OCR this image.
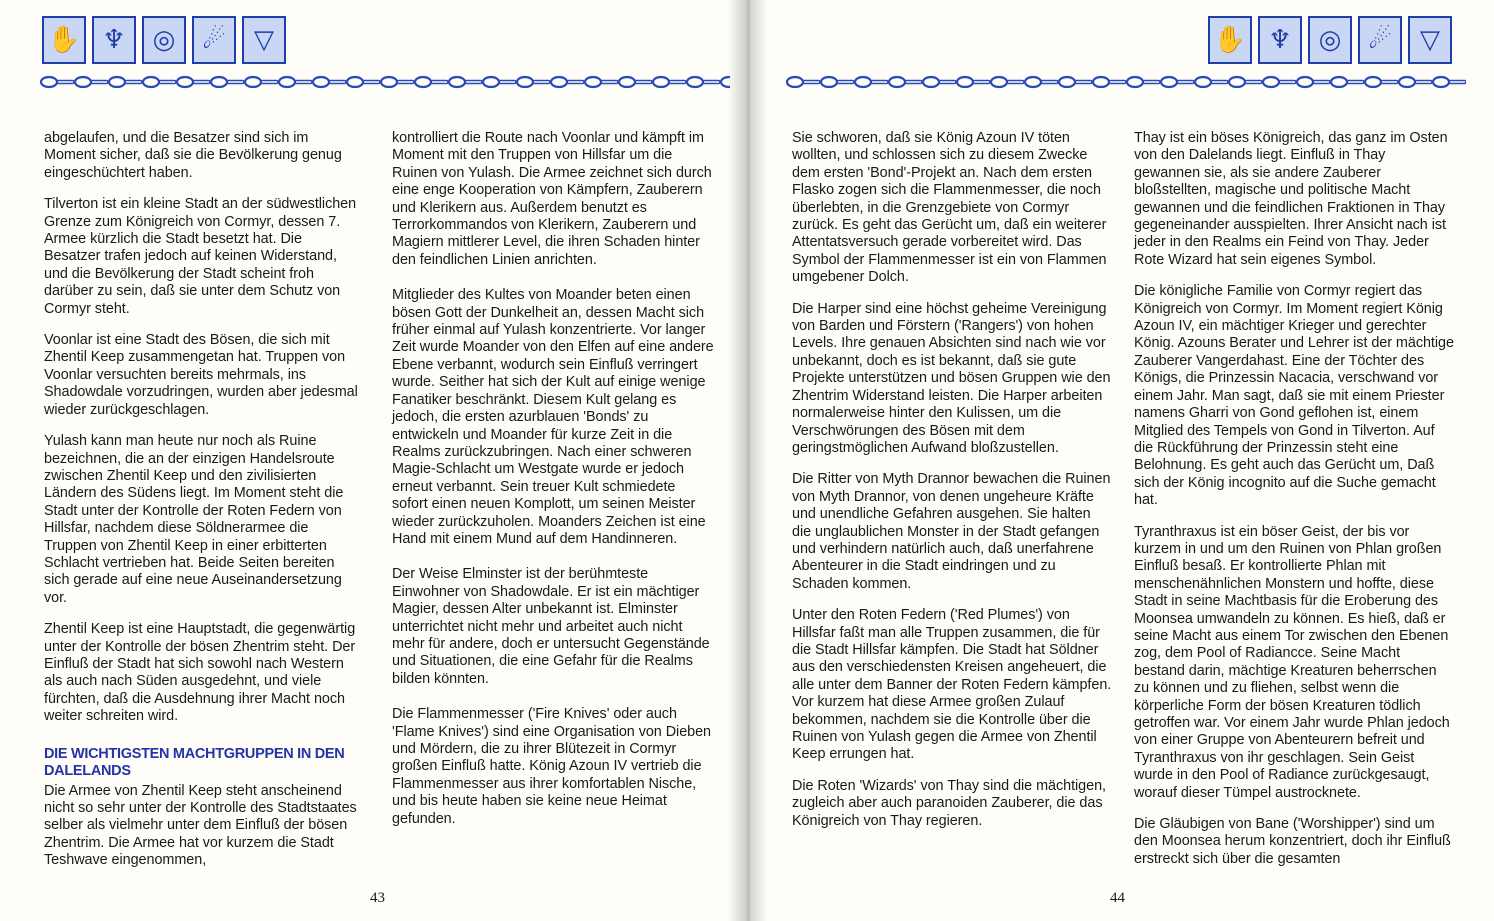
✋ ♆	◎	☄	▽

abgelaufen, und die Besatzer sind sich im Moment sicher, daß sie die Bevölkerung genug eingeschüchtert haben.

Tilverton ist ein kleine Stadt an der südwestlichen Grenze zum Königreich von Cormyr, dessen 7. Armee kürzlich die Stadt besetzt hat. Die Besatzer trafen jedoch auf keinen Widerstand, und die Bevölkerung der Stadt scheint froh darüber zu sein, daß sie unter dem Schutz von Cormyr steht.

Voonlar ist eine Stadt des Bösen, die sich mit Zhentil Keep zusammengetan hat. Truppen von Voonlar versuchten bereits mehrmals, ins Shadowdale vorzudringen, wurden aber jedesmal wieder zurückgeschlagen.

Yulash kann man heute nur noch als Ruine bezeichnen, die an der einzigen Handelsroute zwischen Zhentil Keep und den zivilisierten Ländern des Südens liegt. Im Moment steht die Stadt unter der Kontrolle der Roten Federn von Hillsfar, nachdem diese Söldnerarmee die Truppen von Zhentil Keep in einer erbitterten Schlacht vertrieben hat. Beide Seiten bereiten sich gerade auf eine neue Auseinandersetzung vor.

Zhentil Keep ist eine Hauptstadt, die gegenwärtig unter der Kontrolle der bösen Zhentrim steht. Der Einfluß der Stadt hat sich sowohl nach Western als auch nach Süden ausgedehnt, und viele fürchten, daß die Ausdehnung ihrer Macht noch weiter schreiten wird.

DIE WICHTIGSTEN MACHTGRUPPEN IN DEN DALELANDS

Die Armee von Zhentil Keep steht anscheinend nicht so sehr unter der Kontrolle des Stadtstaates selber als vielmehr unter dem Einfluß der bösen Zhentrim. Die Armee hat vor kurzem die Stadt Teshwave eingenommen,

kontrolliert die Route nach Voonlar und kämpft im Moment mit den Truppen von Hillsfar um die Ruinen von Yulash. Die Armee zeichnet sich durch eine enge Kooperation von Kämpfern, Zauberern und Klerikern aus. Außerdem benutzt es Terrorkommandos von Klerikern, Zauberern und Magiern mittlerer Level, die ihren Schaden hinter den feindlichen Linien anrichten.

Mitglieder des Kultes von Moander beten einen bösen Gott der Dunkelheit an, dessen Macht sich früher einmal auf Yulash konzentrierte. Vor langer Zeit wurde Moander von den Elfen auf eine andere Ebene verbannt, wodurch sein Einfluß verringert wurde. Seither hat sich der Kult auf einige wenige Fanatiker beschränkt. Diesem Kult gelang es jedoch, die ersten azurblauen 'Bonds' zu entwickeln und Moander für kurze Zeit in die Realms zurückzubringen. Nach einer schweren Magie-Schlacht um Westgate wurde er jedoch erneut verbannt. Sein treuer Kult schmiedete sofort einen neuen Komplott, um seinen Meister wieder zurückzuholen. Moanders Zeichen ist eine Hand mit einem Mund auf dem Handinneren.

Der Weise Elminster ist der berühmteste Einwohner von Shadowdale. Er ist ein mächtiger Magier, dessen Alter unbekannt ist. Elminster unterrichtet nicht mehr und arbeitet auch nicht mehr für andere, doch er untersucht Gegenstände und Situationen, die eine Gefahr für die Realms bilden könnten.

Die Flammenmesser ('Fire Knives' oder auch 'Flame Knives') sind eine Organisation von Dieben und Mördern, die zu ihrer Blütezeit in Cormyr großen Einfluß hatte. König Azoun IV vertrieb die Flammenmesser aus ihrer komfortablen Nische, und bis heute haben sie keine neue Heimat gefunden.

43
✋ ♆	◎	☄	▽

Sie schworen, daß sie König Azoun IV töten wollten, und schlossen sich zu diesem Zwecke dem ersten 'Bond'-Projekt an. Nach dem ersten Flasko zogen sich die Flammenmesser, die noch überlebten, in die Grenzgebiete von Cormyr zurück. Es geht das Gerücht um, daß ein weiterer Attentatsversuch gerade vorbereitet wird. Das Symbol der Flammenmesser ist ein von Flammen umgebener Dolch.

Die Harper sind eine höchst geheime Vereinigung von Barden und Förstern ('Rangers') von hohen Levels. Ihre genauen Absichten sind nach wie vor unbekannt, doch es ist bekannt, daß sie gute Projekte unterstützen und bösen Gruppen wie den Zhentrim Widerstand leisten. Die Harper arbeiten normalerweise hinter den Kulissen, um die Verschwörungen des Bösen mit dem geringstmöglichen Aufwand bloßzustellen.

Die Ritter von Myth Drannor bewachen die Ruinen von Myth Drannor, von denen ungeheure Kräfte und unendliche Gefahren ausgehen. Sie halten die unglaublichen Monster in der Stadt gefangen und verhindern natürlich auch, daß unerfahrene Abenteurer in die Stadt eindringen und zu Schaden kommen.

Unter den Roten Federn ('Red Plumes') von Hillsfar faßt man alle Truppen zusammen, die für die Stadt Hillsfar kämpfen. Die Stadt hat Söldner aus den verschiedensten Kreisen angeheuert, die alle unter dem Banner der Roten Federn kämpfen. Vor kurzem hat diese Armee großen Zulauf bekommen, nachdem sie die Kontrolle über die Ruinen von Yulash gegen die Armee von Zhentil Keep errungen hat.

Die Roten 'Wizards' von Thay sind die mächtigen, zugleich aber auch paranoiden Zauberer, die das Königreich von Thay regieren.

Thay ist ein böses Königreich, das ganz im Osten von den Dalelands liegt. Einfluß in Thay gewannen sie, als sie andere Zauberer bloßstellten, magische und politische Macht gewannen und die feindlichen Fraktionen in Thay gegeneinander ausspielten. Ihrer Ansicht nach ist jeder in den Realms ein Feind von Thay. Jeder Rote Wizard hat sein eigenes Symbol.

Die königliche Familie von Cormyr regiert das Königreich von Cormyr. Im Moment regiert König Azoun IV, ein mächtiger Krieger und gerechter König. Azouns Berater und Lehrer ist der mächtige Zauberer Vangerdahast. Eine der Töchter des Königs, die Prinzessin Nacacia, verschwand vor einem Jahr. Man sagt, daß sie mit einem Priester namens Gharri von Gond geflohen ist, einem Mitglied des Tempels von Gond in Tilverton. Auf die Rückführung der Prinzessin steht eine Belohnung. Es geht auch das Gerücht um, Daß sich der König incognito auf die Suche gemacht hat.

Tyranthraxus ist ein böser Geist, der bis vor kurzem in und um den Ruinen von Phlan großen Einfluß besaß. Er kontrollierte Phlan mit menschenähnlichen Monstern und hoffte, diese Stadt in seine Machtbasis für die Eroberung des Moonsea umwandeln zu können. Es hieß, daß er seine Macht aus einem Tor zwischen den Ebenen zog, dem Pool of Radiancce. Seine Macht bestand darin, mächtige Kreaturen beherrschen zu können und zu fliehen, selbst wenn die körperliche Form der bösen Kreaturen tödlich getroffen war. Vor einem Jahr wurde Phlan jedoch von einer Gruppe von Abenteurern befreit und Tyranthraxus von ihr geschlagen. Sein Geist wurde in den Pool of Radiance zurückgesaugt, worauf dieser Tümpel austrocknete.

Die Gläubigen von Bane ('Worshipper') sind um den Moonsea herum konzentriert, doch ihr Einfluß erstreckt sich über die gesamten

44
